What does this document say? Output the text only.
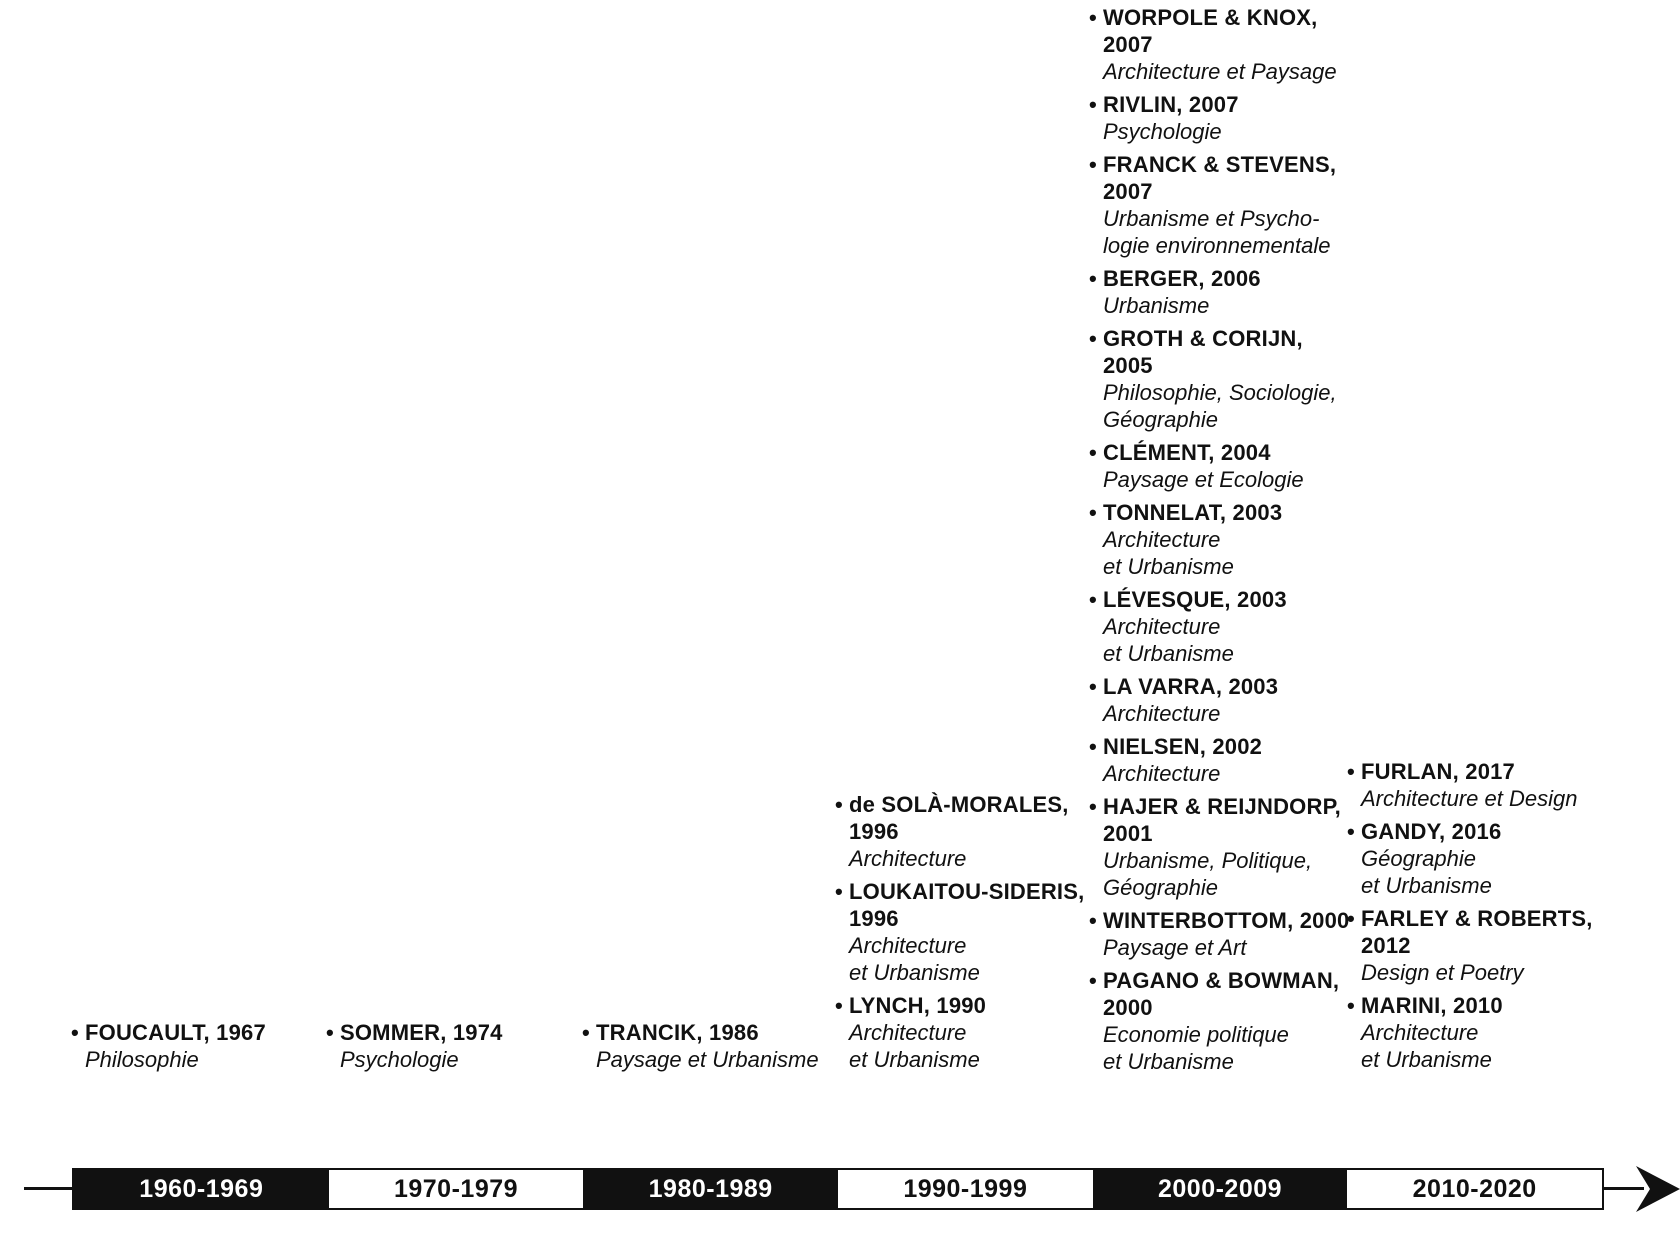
• FOUCAULT, 1967
Philosophie
• SOMMER, 1974
Psychologie
• TRANCIK, 1986
Paysage et Urbanisme
• de SOLÀ-MORALES,
1996
Architecture
• LOUKAITOU-SIDERIS,
1996
Architecture
et Urbanisme
• LYNCH, 1990
Architecture
et Urbanisme
• WORPOLE & KNOX,
2007
Architecture et Paysage
• RIVLIN, 2007
Psychologie
• FRANCK & STEVENS,
2007
Urbanisme et Psycho-
logie environnementale
• BERGER, 2006
Urbanisme
• GROTH & CORIJN,
2005
Philosophie, Sociologie,
Géographie
• CLÉMENT, 2004
Paysage et Ecologie
• TONNELAT, 2003
Architecture
et Urbanisme
• LÉVESQUE, 2003
Architecture
et Urbanisme
• LA VARRA, 2003
Architecture
• NIELSEN, 2002
Architecture
• HAJER & REIJNDORP,
2001
Urbanisme, Politique,
Géographie
• WINTERBOTTOM, 2000
Paysage et Art
• PAGANO & BOWMAN,
2000
Economie politique
et Urbanisme
• FURLAN, 2017
Architecture et Design
• GANDY, 2016
Géographie
et Urbanisme
• FARLEY & ROBERTS,
2012
Design et Poetry
• MARINI, 2010
Architecture
et Urbanisme
1960-1969	1970-1979	1980-1989	1990-1999	2000-2009	2010-2020
